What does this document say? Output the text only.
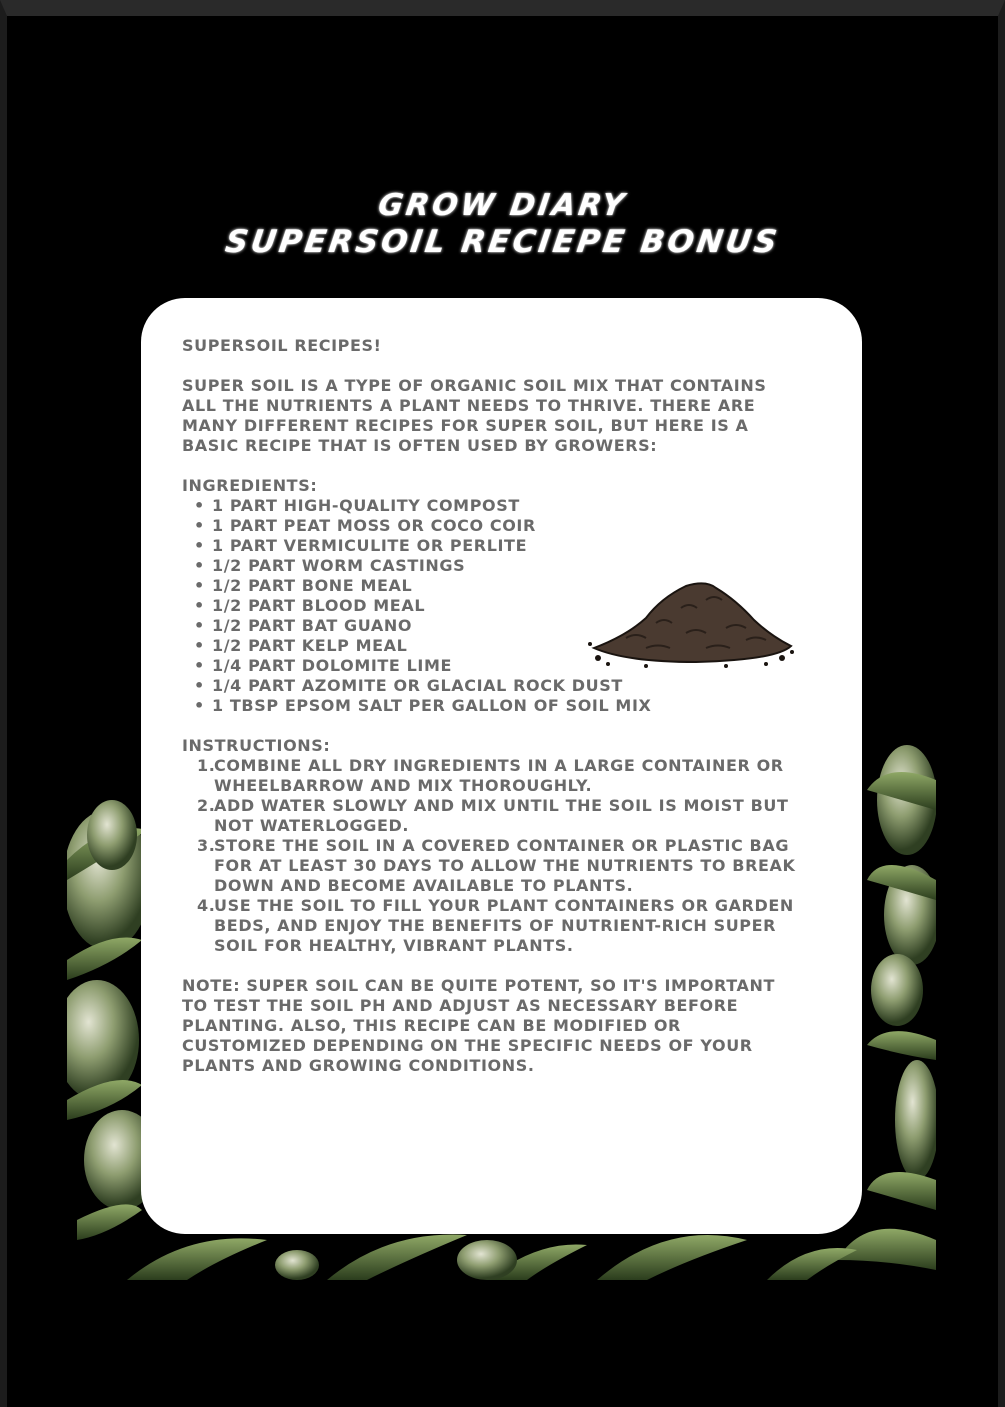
GROW DIARY
SUPERSOIL RECIEPE BONUS

SUPERSOIL RECIPES!

SUPER SOIL IS A TYPE OF ORGANIC SOIL MIX THAT CONTAINS ALL THE NUTRIENTS A PLANT NEEDS TO THRIVE. THERE ARE MANY DIFFERENT RECIPES FOR SUPER SOIL, BUT HERE IS A BASIC RECIPE THAT IS OFTEN USED BY GROWERS:

INGREDIENTS:

• 1 PART HIGH-QUALITY COMPOST
• 1 PART PEAT MOSS OR COCO COIR
• 1 PART VERMICULITE OR PERLITE
• 1/2 PART WORM CASTINGS
• 1/2 PART BONE MEAL
• 1/2 PART BLOOD MEAL
• 1/2 PART BAT GUANO
• 1/2 PART KELP MEAL
• 1/4 PART DOLOMITE LIME
• 1/4 PART AZOMITE OR GLACIAL ROCK DUST
• 1 TBSP EPSOM SALT PER GALLON OF SOIL MIX

INSTRUCTIONS:

1.
COMBINE ALL DRY INGREDIENTS IN A LARGE CONTAINER OR WHEELBARROW AND MIX THOROUGHLY.
2.
ADD WATER SLOWLY AND MIX UNTIL THE SOIL IS MOIST BUT NOT WATERLOGGED.
3.
STORE THE SOIL IN A COVERED CONTAINER OR PLASTIC BAG FOR AT LEAST 30 DAYS TO ALLOW THE NUTRIENTS TO BREAK DOWN AND BECOME AVAILABLE TO PLANTS.
4.
USE THE SOIL TO FILL YOUR PLANT CONTAINERS OR GARDEN BEDS, AND ENJOY THE BENEFITS OF NUTRIENT-RICH SUPER SOIL FOR HEALTHY, VIBRANT PLANTS.

NOTE: SUPER SOIL CAN BE QUITE POTENT, SO IT'S IMPORTANT TO TEST THE SOIL PH AND ADJUST AS NECESSARY BEFORE PLANTING. ALSO, THIS RECIPE CAN BE MODIFIED OR CUSTOMIZED DEPENDING ON THE SPECIFIC NEEDS OF YOUR PLANTS AND GROWING CONDITIONS.
